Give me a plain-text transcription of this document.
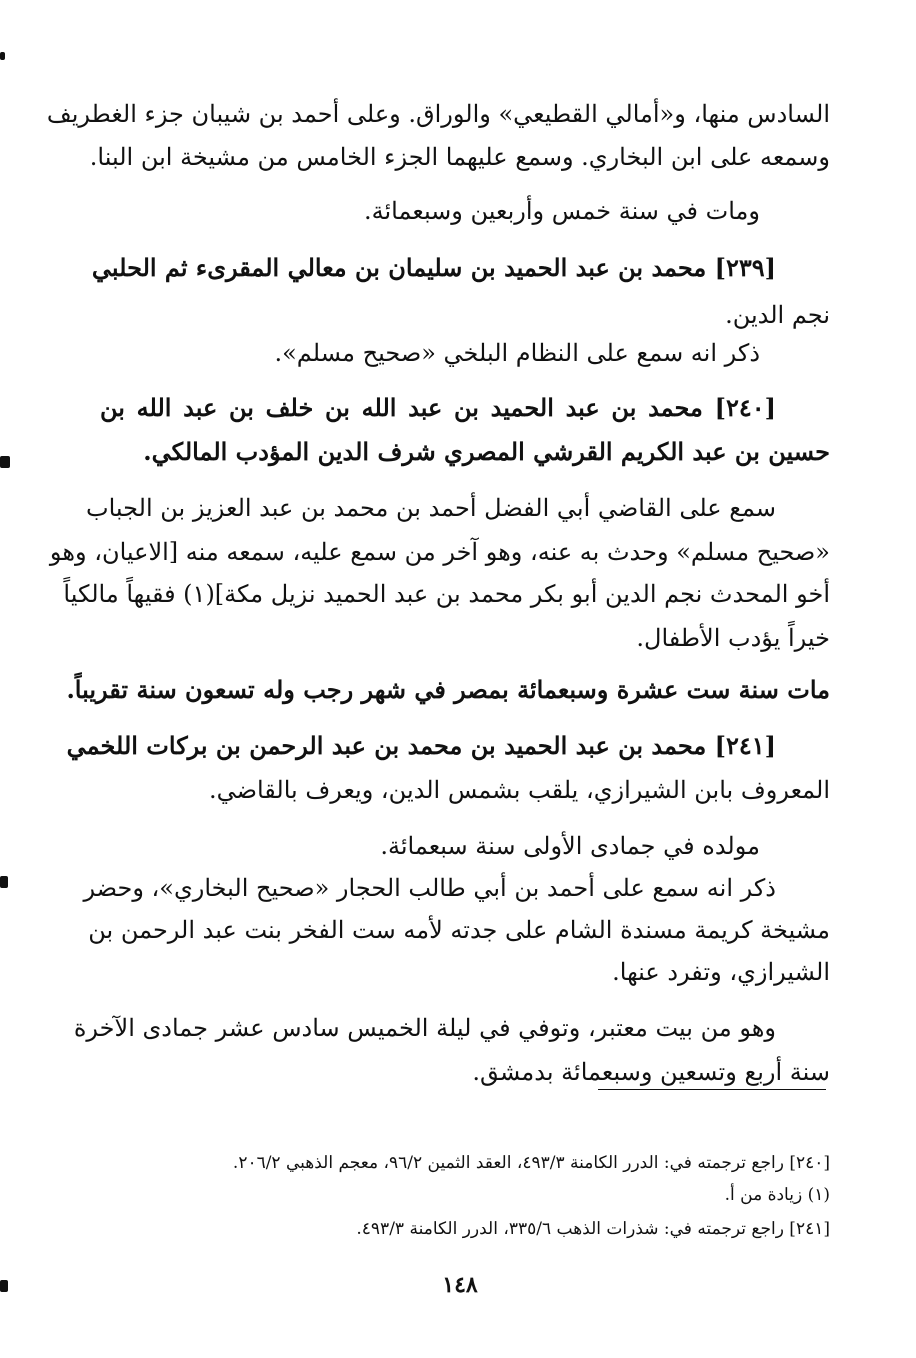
السادس منها، و«أمالي القطيعي» والوراق. وعلى أحمد بن شيبان جزء الغطريف
وسمعه على ابن البخاري. وسمع عليهما الجزء الخامس من مشيخة ابن البنا.
ومات في سنة خمس وأربعين وسبعمائة.
[٢٣٩] محمد بن عبد الحميد بن سليمان بن معالي المقرىء ثم الحلبي
نجم الدين.
ذكر انه سمع على النظام البلخي «صحيح مسلم».
[٢٤٠] محمد بن عبد الحميد بن عبد الله بن خلف بن عبد الله بن
حسين بن عبد الكريم القرشي المصري شرف الدين المؤدب المالكي.
سمع على القاضي أبي الفضل أحمد بن محمد بن عبد العزيز بن الجباب
«صحيح مسلم» وحدث به عنه، وهو آخر من سمع عليه، سمعه منه [الاعيان، وهو
أخو المحدث نجم الدين أبو بكر محمد بن عبد الحميد نزيل مكة](١) فقيهاً مالكياً
خيراً يؤدب الأطفال.
مات سنة ست عشرة وسبعمائة بمصر في شهر رجب وله تسعون سنة تقريباً.
[٢٤١] محمد بن عبد الحميد بن محمد بن عبد الرحمن بن بركات اللخمي
المعروف بابن الشيرازي، يلقب بشمس الدين، ويعرف بالقاضي.
مولده في جمادى الأولى سنة سبعمائة.
ذكر انه سمع على أحمد بن أبي طالب الحجار «صحيح البخاري»، وحضر
مشيخة كريمة مسندة الشام على جدته لأمه ست الفخر بنت عبد الرحمن بن
الشيرازي، وتفرد عنها.
وهو من بيت معتبر، وتوفي في ليلة الخميس سادس عشر جمادى الآخرة
سنة أربع وتسعين وسبعمائة بدمشق.
[٢٤٠] راجع ترجمته في: الدرر الكامنة ٤٩٣/٣، العقد الثمين ٩٦/٢، معجم الذهبي ٢٠٦/٢.
(١) زيادة من أ.
[٢٤١] راجع ترجمته في: شذرات الذهب ٣٣٥/٦، الدرر الكامنة ٤٩٣/٣.
١٤٨
